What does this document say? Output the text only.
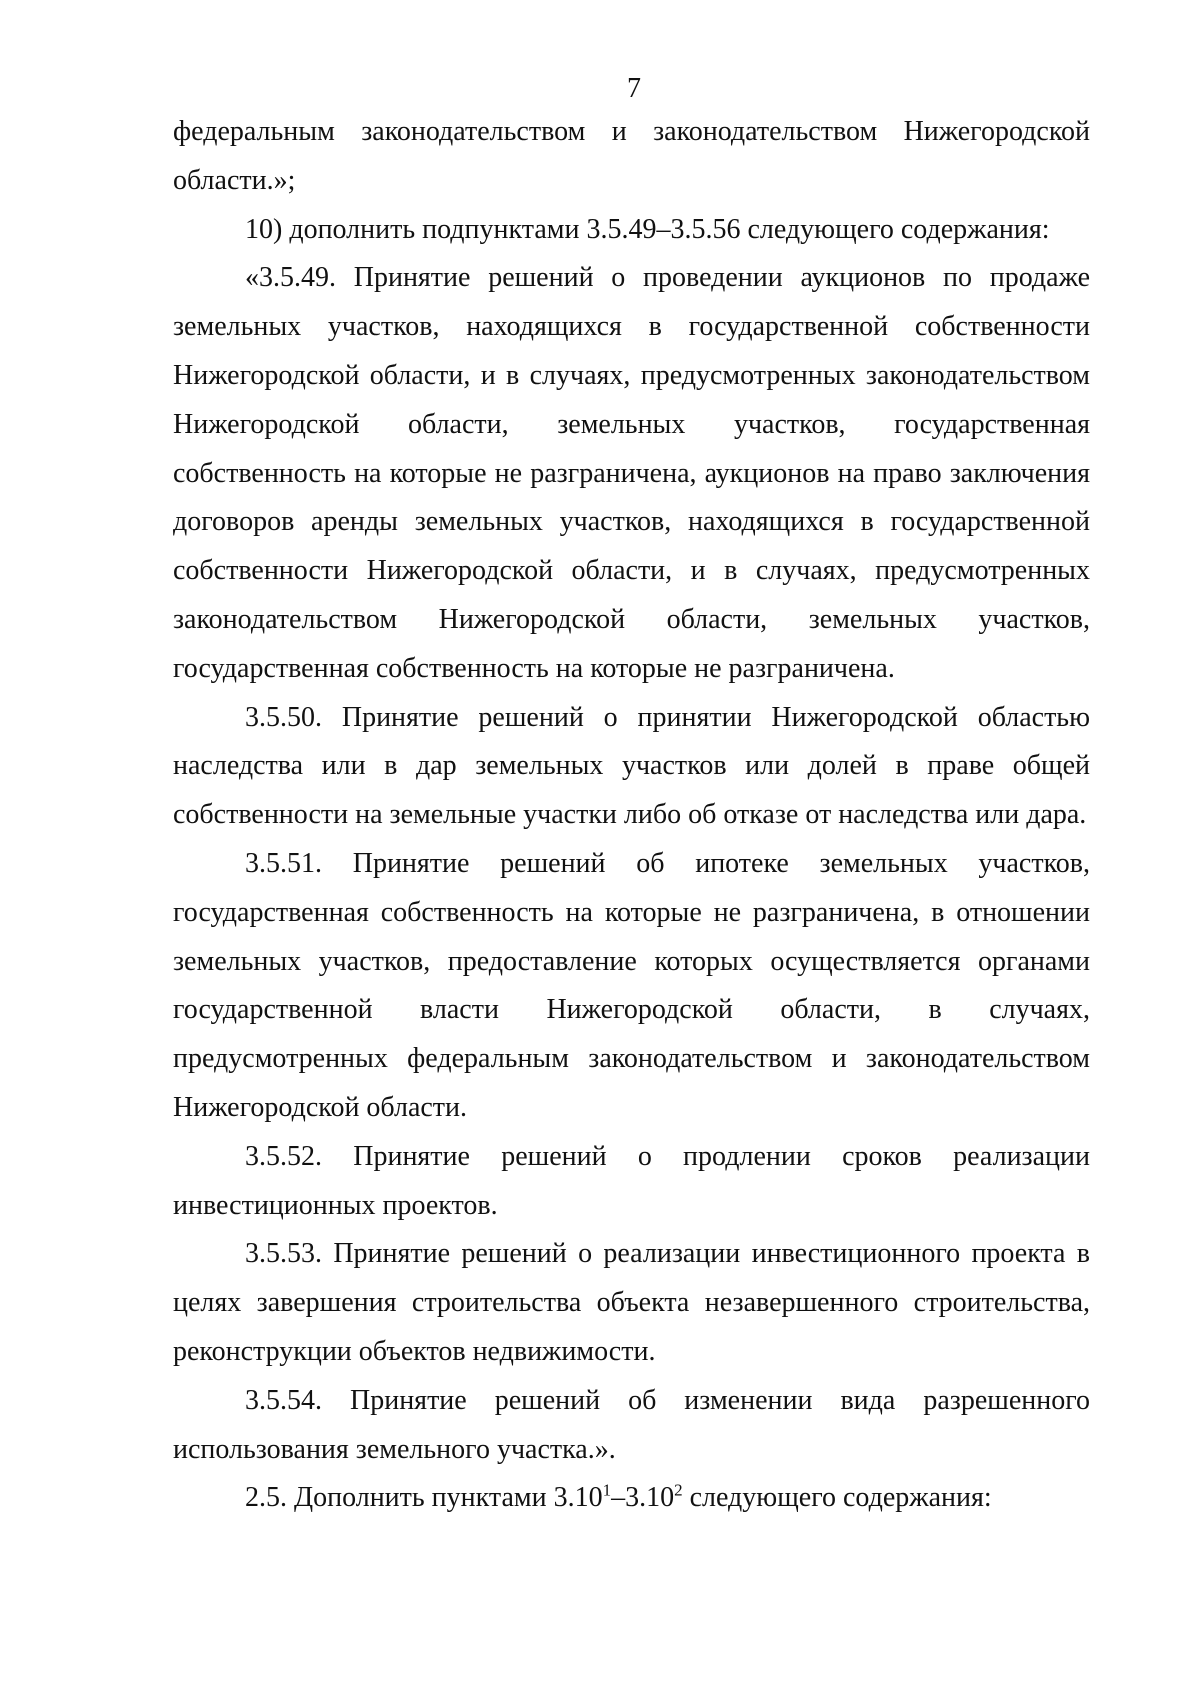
7

федеральным законодательством и законодательством Нижегородской области.»;

10) дополнить подпунктами 3.5.49–3.5.56 следующего содержания:

«3.5.49. Принятие решений о проведении аукционов по продаже земельных участков, находящихся в государственной собственности Нижегородской области, и в случаях, предусмотренных законодательством Нижегородской области, земельных участков, государственная собственность на которые не разграничена, аукционов на право заключения договоров аренды земельных участков, находящихся в государственной собственности Нижегородской области, и в случаях, предусмотренных законодательством Нижегородской области, земельных участков, государственная собственность на которые не разграничена.

3.5.50. Принятие решений о принятии Нижегородской областью наследства или в дар земельных участков или долей в праве общей собственности на земельные участки либо об отказе от наследства или дара.

3.5.51. Принятие решений об ипотеке земельных участков, государственная собственность на которые не разграничена, в отношении земельных участков, предоставление которых осуществляется органами государственной власти Нижегородской области, в случаях, предусмотренных федеральным законодательством и законодательством Нижегородской области.

3.5.52. Принятие решений о продлении сроков реализации инвестиционных проектов.

3.5.53. Принятие решений о реализации инвестиционного проекта в целях завершения строительства объекта незавершенного строительства, реконструкции объектов недвижимости.

3.5.54. Принятие решений об изменении вида разрешенного использования земельного участка.».

2.5. Дополнить пунктами 3.10$^1$–3.10$^2$ следующего содержания:
